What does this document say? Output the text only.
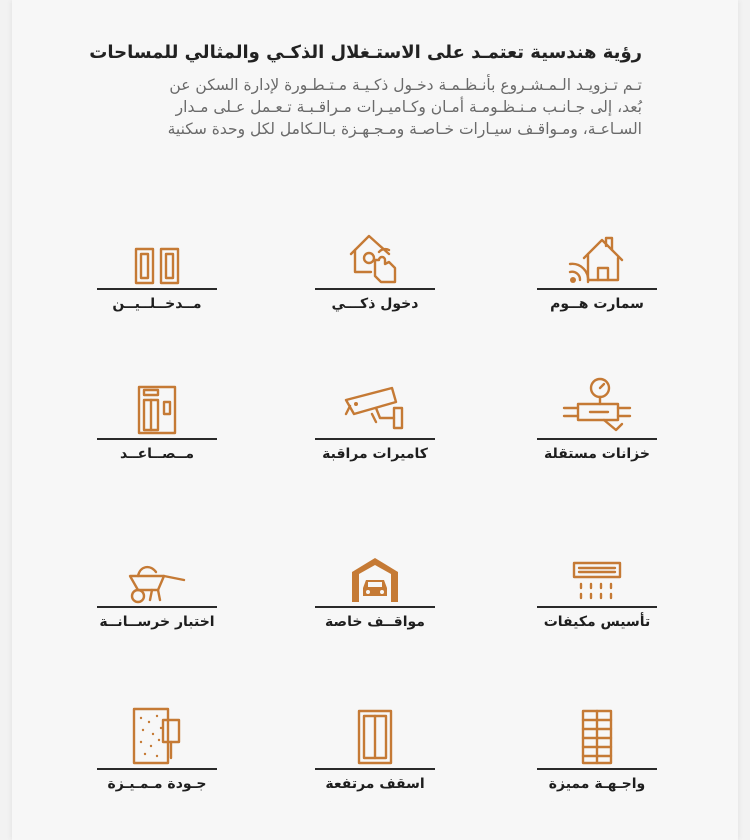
رؤية هندسية تعتمـد على الاستـغلال الذكـي والمثالي للمساحات
تـم تـزويـد الـمـشـروع بأنـظـمـة دخـول ذكـيـة مـتـطـورة لإدارة السكن عن
بُعد، إلى جـانـب مـنـظـومـة أمـان وكـاميـرات مـراقـبـة تـعـمل عـلى مـدار
السـاعـة، ومـواقـف سيـارات خـاصـة ومـجـهـزة بـالـكامل لكل وحدة سكنية
سمارت هــوم
دخول ذكـــي
مــدخــلــيــن
خزانات مستقلة
كاميرات مراقبة
مــصــاعــد
تأسيس مكيفات
مواقــف خاصة
اختبار خرســانــة
واجـهـة مميزة
اسقف مرتفعة
جـودة مـمـيـزة
